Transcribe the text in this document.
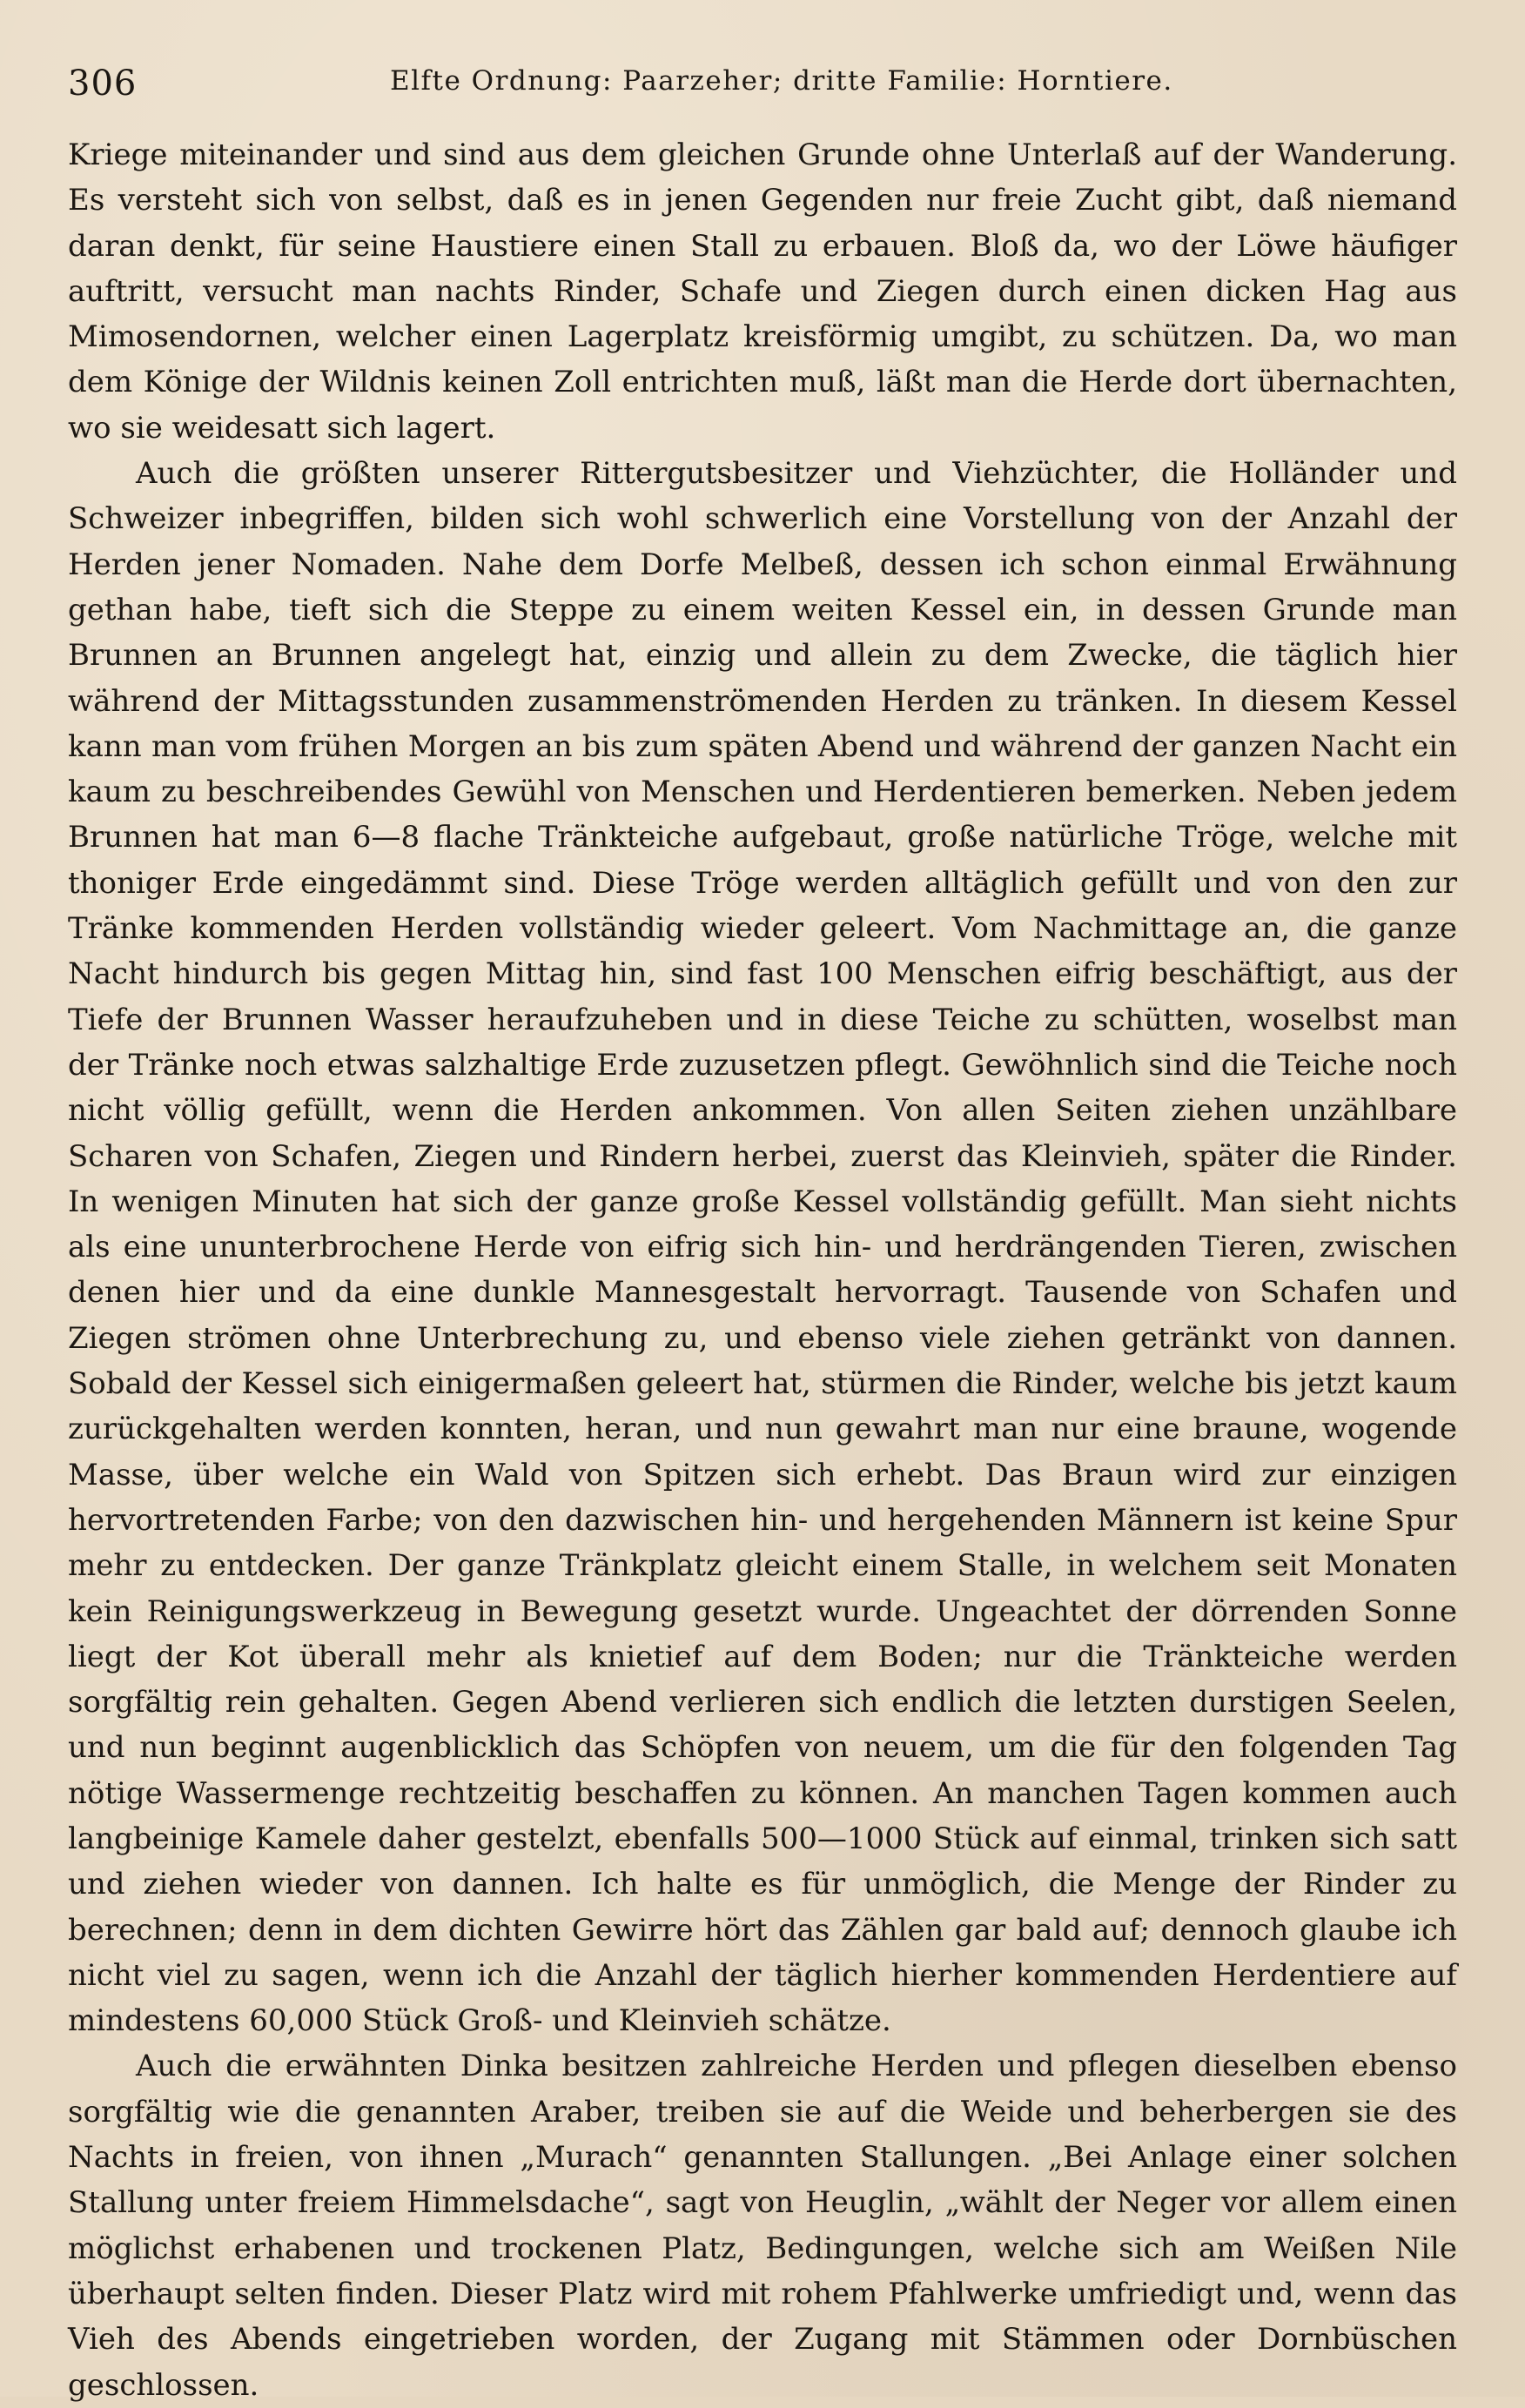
306	Elfte Ordnung: Paarzeher; dritte Familie: Horntiere.

Kriege miteinander und sind aus dem gleichen Grunde ohne Unterlaß auf der Wanderung. Es versteht sich von selbst, daß es in jenen Gegenden nur freie Zucht gibt, daß niemand daran denkt, für seine Haustiere einen Stall zu erbauen. Bloß da, wo der Löwe häufiger auftritt, versucht man nachts Rinder, Schafe und Ziegen durch einen dicken Hag aus Mimosendornen, welcher einen Lagerplatz kreisförmig umgibt, zu schützen. Da, wo man dem Könige der Wildnis keinen Zoll entrichten muß, läßt man die Herde dort übernachten, wo sie weidesatt sich lagert.

Auch die größten unserer Rittergutsbesitzer und Viehzüchter, die Holländer und Schweizer inbegriffen, bilden sich wohl schwerlich eine Vorstellung von der Anzahl der Herden jener Nomaden. Nahe dem Dorfe Melbeß, dessen ich schon einmal Erwähnung gethan habe, tieft sich die Steppe zu einem weiten Kessel ein, in dessen Grunde man Brunnen an Brunnen angelegt hat, einzig und allein zu dem Zwecke, die täglich hier während der Mittagsstunden zusammenströmenden Herden zu tränken. In diesem Kessel kann man vom frühen Morgen an bis zum späten Abend und während der ganzen Nacht ein kaum zu beschreibendes Gewühl von Menschen und Herdentieren bemerken. Neben jedem Brunnen hat man 6—8 flache Tränkteiche aufgebaut, große natürliche Tröge, welche mit thoniger Erde eingedämmt sind. Diese Tröge werden alltäglich gefüllt und von den zur Tränke kommenden Herden vollständig wieder geleert. Vom Nachmittage an, die ganze Nacht hindurch bis gegen Mittag hin, sind fast 100 Menschen eifrig beschäftigt, aus der Tiefe der Brunnen Wasser heraufzuheben und in diese Teiche zu schütten, woselbst man der Tränke noch etwas salzhaltige Erde zuzusetzen pflegt. Gewöhnlich sind die Teiche noch nicht völlig gefüllt, wenn die Herden ankommen. Von allen Seiten ziehen unzählbare Scharen von Schafen, Ziegen und Rindern herbei, zuerst das Kleinvieh, später die Rinder. In wenigen Minuten hat sich der ganze große Kessel vollständig gefüllt. Man sieht nichts als eine ununterbrochene Herde von eifrig sich hin- und herdrängenden Tieren, zwischen denen hier und da eine dunkle Mannesgestalt hervorragt. Tausende von Schafen und Ziegen strömen ohne Unterbrechung zu, und ebenso viele ziehen getränkt von dannen. Sobald der Kessel sich einigermaßen geleert hat, stürmen die Rinder, welche bis jetzt kaum zurückgehalten werden konnten, heran, und nun gewahrt man nur eine braune, wogende Masse, über welche ein Wald von Spitzen sich erhebt. Das Braun wird zur einzigen hervortretenden Farbe; von den dazwischen hin- und hergehenden Männern ist keine Spur mehr zu entdecken. Der ganze Tränkplatz gleicht einem Stalle, in welchem seit Monaten kein Reinigungswerkzeug in Bewegung gesetzt wurde. Ungeachtet der dörrenden Sonne liegt der Kot überall mehr als knietief auf dem Boden; nur die Tränkteiche werden sorgfältig rein gehalten. Gegen Abend verlieren sich endlich die letzten durstigen Seelen, und nun beginnt augenblicklich das Schöpfen von neuem, um die für den folgenden Tag nötige Wassermenge rechtzeitig beschaffen zu können. An manchen Tagen kommen auch langbeinige Kamele daher gestelzt, ebenfalls 500—1000 Stück auf einmal, trinken sich satt und ziehen wieder von dannen. Ich halte es für unmöglich, die Menge der Rinder zu berechnen; denn in dem dichten Gewirre hört das Zählen gar bald auf; dennoch glaube ich nicht viel zu sagen, wenn ich die Anzahl der täglich hierher kommenden Herdentiere auf mindestens 60,000 Stück Groß- und Kleinvieh schätze.

Auch die erwähnten Dinka besitzen zahlreiche Herden und pflegen dieselben ebenso sorgfältig wie die genannten Araber, treiben sie auf die Weide und beherbergen sie des Nachts in freien, von ihnen „Murach“ genannten Stallungen. „Bei Anlage einer solchen Stallung unter freiem Himmelsdache“, sagt von Heuglin, „wählt der Neger vor allem einen möglichst erhabenen und trockenen Platz, Bedingungen, welche sich am Weißen Nile überhaupt selten finden. Dieser Platz wird mit rohem Pfahlwerke umfriedigt und, wenn das Vieh des Abends eingetrieben worden, der Zugang mit Stämmen oder Dornbüschen geschlossen.
